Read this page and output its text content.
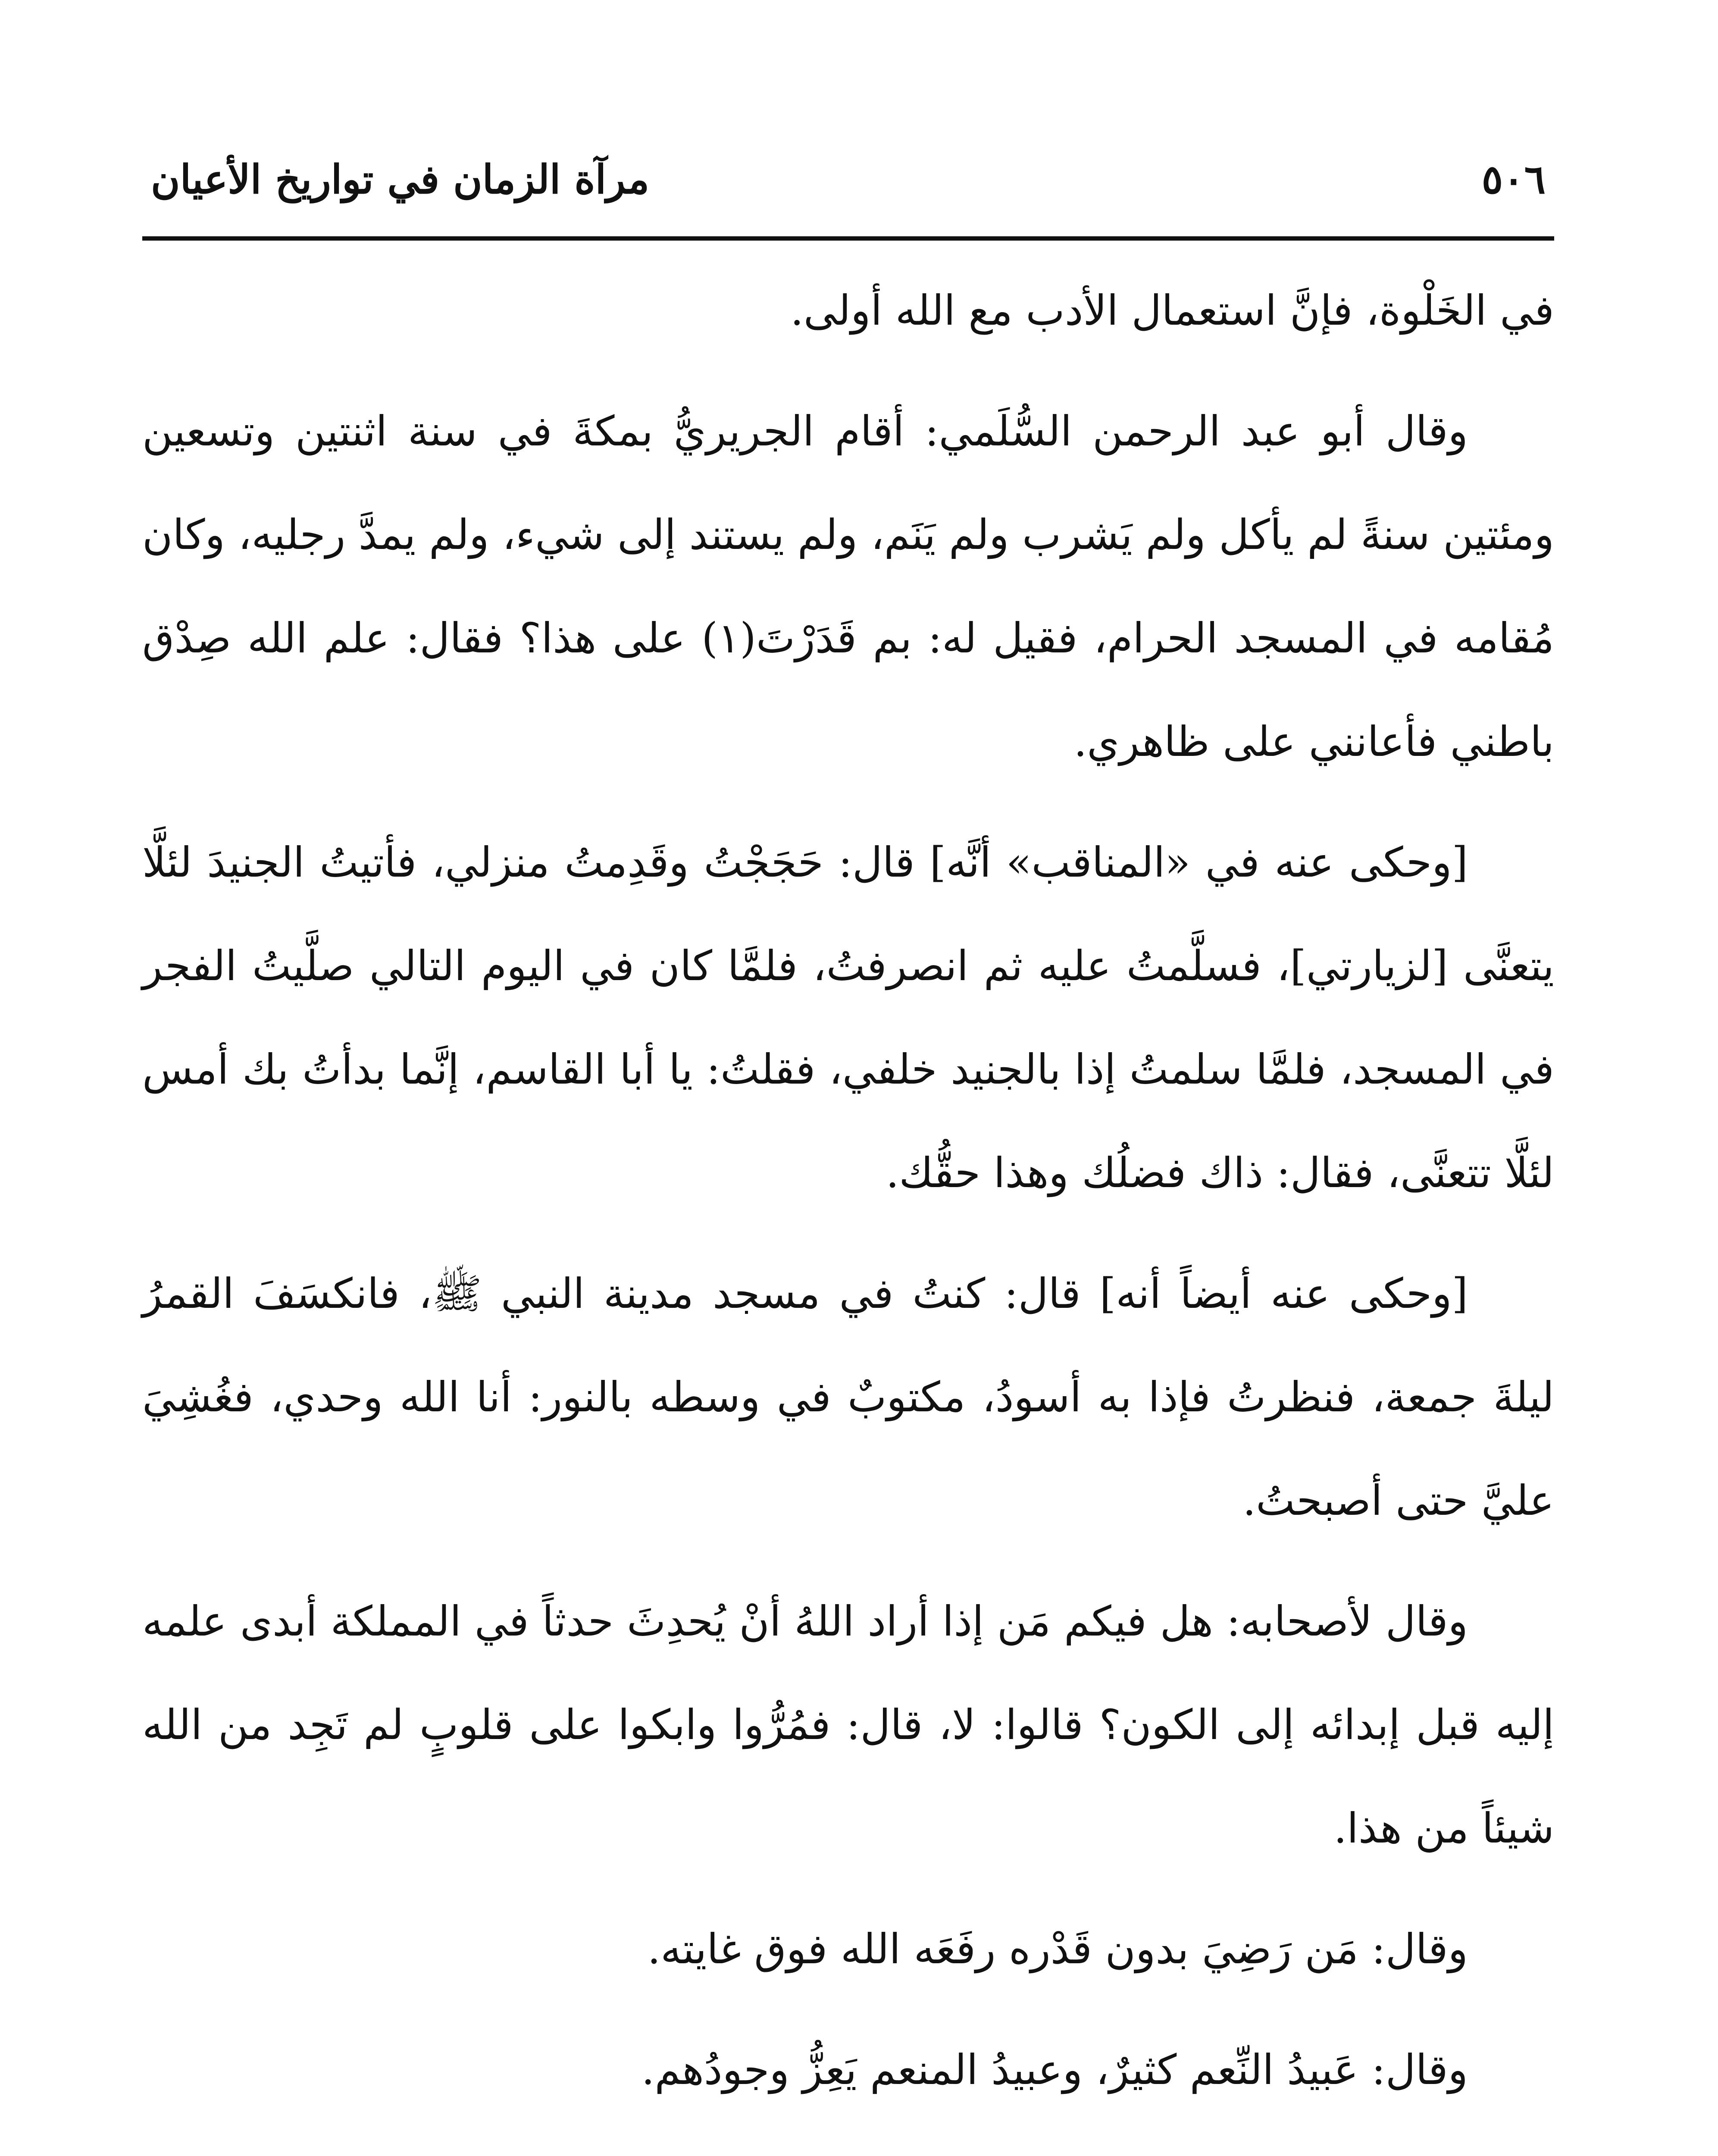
٥٠٦
مرآة الزمان في تواريخ الأعيان

في الخَلْوة، فإنَّ استعمال الأدب مع الله أولى.

وقال أبو عبد الرحمن السُّلَمي: أقام الجريريُّ بمكةَ في سنة اثنتين وتسعين ومئتين سنةً لم يأكل ولم يَشرب ولم يَنَم، ولم يستند إلى شيء، ولم يمدَّ رجليه، وكان مُقامه في المسجد الحرام، فقيل له: بم قَدَرْتَ(١) على هذا؟ فقال: علم الله صِدْق باطني فأعانني على ظاهري.

[وحكى عنه في «المناقب» أنَّه] قال: حَجَجْتُ وقَدِمتُ منزلي، فأتيتُ الجنيدَ لئلَّا يتعنَّى [لزيارتي]، فسلَّمتُ عليه ثم انصرفتُ، فلمَّا كان في اليوم التالي صلَّيتُ الفجر في المسجد، فلمَّا سلمتُ إذا بالجنيد خلفي، فقلتُ: يا أبا القاسم، إنَّما بدأتُ بك أمس لئلَّا تتعنَّى، فقال: ذاك فضلُك وهذا حقُّك.

[وحكى عنه أيضاً أنه] قال: كنتُ في مسجد مدينة النبي ﷺ، فانكسَفَ القمرُ ليلةَ جمعة، فنظرتُ فإذا به أسودُ، مكتوبٌ في وسطه بالنور: أنا الله وحدي، فغُشِيَ عليَّ حتى أصبحتُ.

وقال لأصحابه: هل فيكم مَن إذا أراد اللهُ أنْ يُحدِثَ حدثاً في المملكة أبدى علمه إليه قبل إبدائه إلى الكون؟ قالوا: لا، قال: فمُرُّوا وابكوا على قلوبٍ لم تَجِد من الله شيئاً من هذا.

وقال: مَن رَضِيَ بدون قَدْره رفَعَه الله فوق غايته.

وقال: عَبيدُ النِّعم كثيرٌ، وعبيدُ المنعم يَعِزُّ وجودُهم.
